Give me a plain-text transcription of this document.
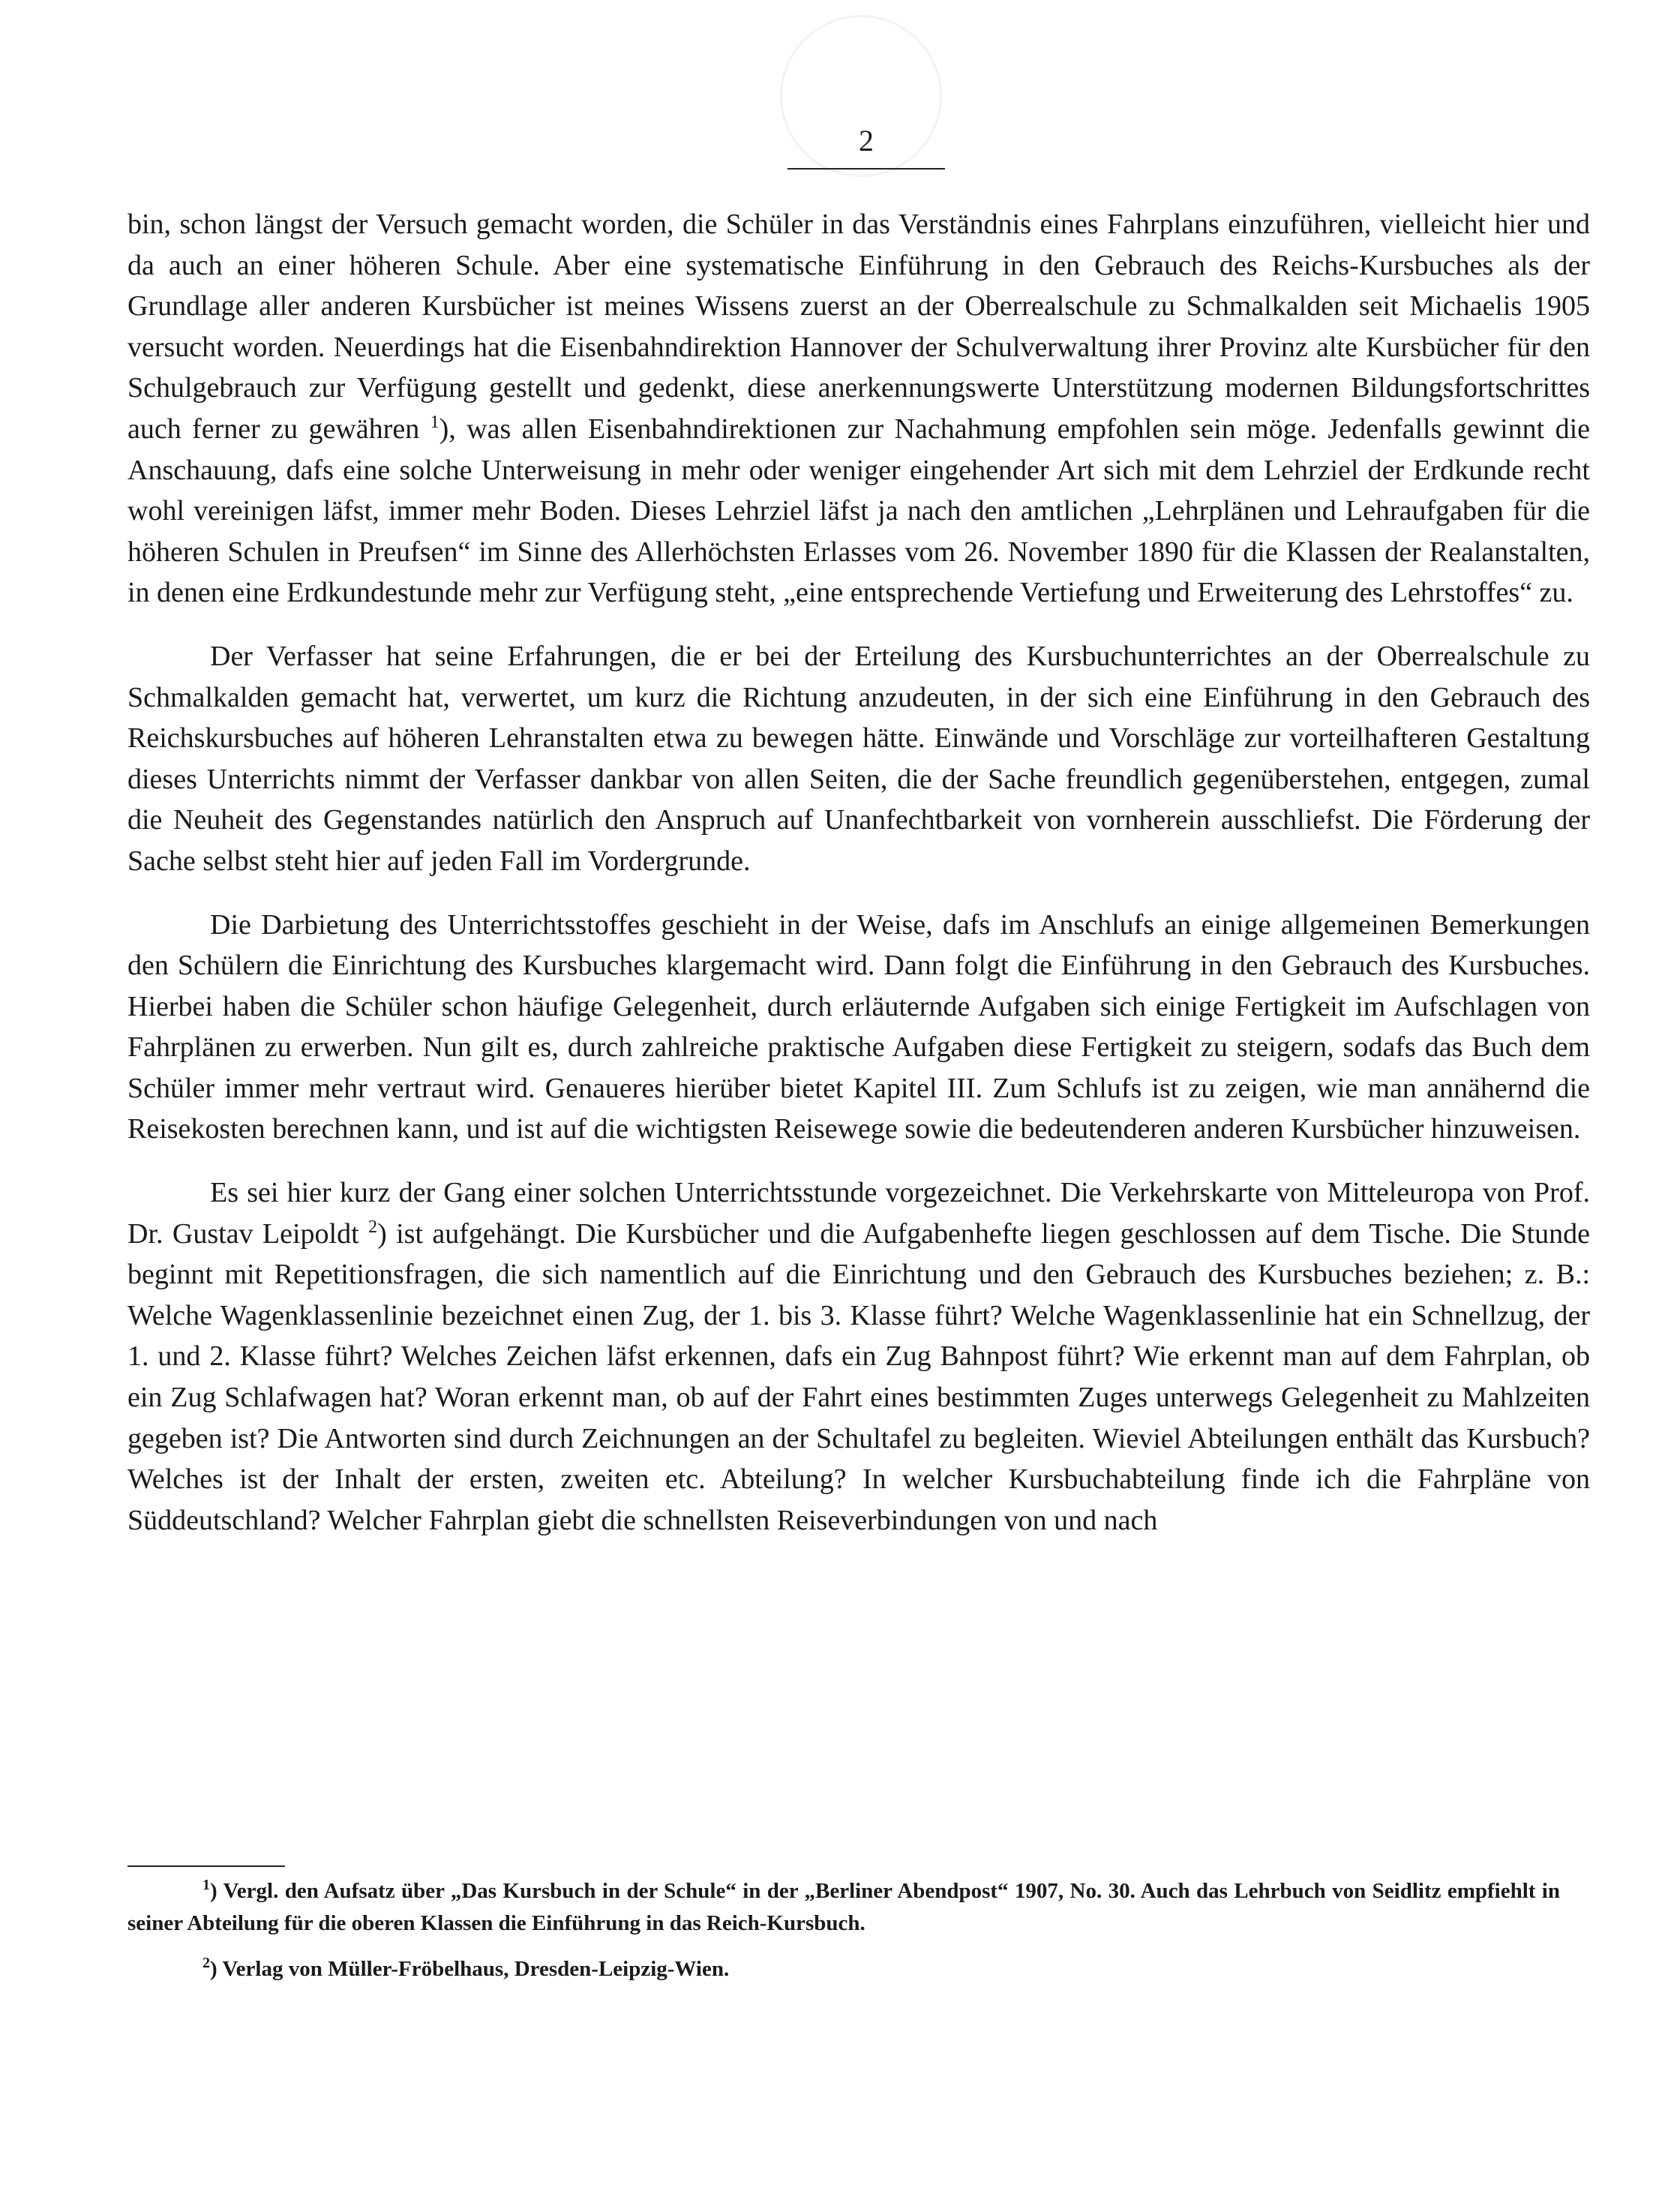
2

bin, schon längst der Versuch gemacht worden, die Schüler in das Verständnis eines Fahrplans einzuführen, vielleicht hier und da auch an einer höheren Schule. Aber eine systematische Einführung in den Gebrauch des Reichs-Kursbuches als der Grundlage aller anderen Kursbücher ist meines Wissens zuerst an der Oberrealschule zu Schmalkalden seit Michaelis 1905 versucht worden. Neuerdings hat die Eisenbahndirektion Hannover der Schulverwaltung ihrer Provinz alte Kursbücher für den Schulgebrauch zur Verfügung gestellt und gedenkt, diese anerkennungswerte Unterstützung modernen Bildungsfortschrittes auch ferner zu gewähren $^1$), was allen Eisenbahndirektionen zur Nachahmung empfohlen sein möge. Jedenfalls gewinnt die Anschauung, dafs eine solche Unterweisung in mehr oder weniger eingehender Art sich mit dem Lehrziel der Erdkunde recht wohl vereinigen läfst, immer mehr Boden. Dieses Lehrziel läfst ja nach den amtlichen „Lehrplänen und Lehraufgaben für die höheren Schulen in Preufsen“ im Sinne des Allerhöchsten Erlasses vom 26. November 1890 für die Klassen der Realanstalten, in denen eine Erdkundestunde mehr zur Verfügung steht, „eine entsprechende Vertiefung und Erweiterung des Lehrstoffes“ zu.

Der Verfasser hat seine Erfahrungen, die er bei der Erteilung des Kursbuchunterrichtes an der Oberrealschule zu Schmalkalden gemacht hat, verwertet, um kurz die Richtung anzudeuten, in der sich eine Einführung in den Gebrauch des Reichskursbuches auf höheren Lehranstalten etwa zu bewegen hätte. Einwände und Vorschläge zur vorteilhafteren Gestaltung dieses Unterrichts nimmt der Verfasser dankbar von allen Seiten, die der Sache freundlich gegenüberstehen, entgegen, zumal die Neuheit des Gegenstandes natürlich den Anspruch auf Unanfechtbarkeit von vornherein ausschliefst. Die Förderung der Sache selbst steht hier auf jeden Fall im Vordergrunde.

Die Darbietung des Unterrichtsstoffes geschieht in der Weise, dafs im Anschlufs an einige allgemeinen Bemerkungen den Schülern die Einrichtung des Kursbuches klargemacht wird. Dann folgt die Einführung in den Gebrauch des Kursbuches. Hierbei haben die Schüler schon häufige Gelegenheit, durch erläuternde Aufgaben sich einige Fertigkeit im Aufschlagen von Fahrplänen zu erwerben. Nun gilt es, durch zahlreiche praktische Aufgaben diese Fertigkeit zu steigern, sodafs das Buch dem Schüler immer mehr vertraut wird. Genaueres hierüber bietet Kapitel III. Zum Schlufs ist zu zeigen, wie man annähernd die Reisekosten berechnen kann, und ist auf die wichtigsten Reisewege sowie die bedeutenderen anderen Kursbücher hinzuweisen.

Es sei hier kurz der Gang einer solchen Unterrichtsstunde vorgezeichnet. Die Verkehrskarte von Mitteleuropa von Prof. Dr. Gustav Leipoldt $^2$) ist aufgehängt. Die Kursbücher und die Aufgabenhefte liegen geschlossen auf dem Tische. Die Stunde beginnt mit Repetitionsfragen, die sich namentlich auf die Einrichtung und den Gebrauch des Kursbuches beziehen; z. B.: Welche Wagenklassenlinie bezeichnet einen Zug, der 1. bis 3. Klasse führt? Welche Wagenklassenlinie hat ein Schnellzug, der 1. und 2. Klasse führt? Welches Zeichen läfst erkennen, dafs ein Zug Bahnpost führt? Wie erkennt man auf dem Fahrplan, ob ein Zug Schlafwagen hat? Woran erkennt man, ob auf der Fahrt eines bestimmten Zuges unterwegs Gelegenheit zu Mahlzeiten gegeben ist? Die Antworten sind durch Zeichnungen an der Schultafel zu begleiten. Wieviel Abteilungen enthält das Kursbuch? Welches ist der Inhalt der ersten, zweiten etc. Abteilung? In welcher Kursbuchabteilung finde ich die Fahrpläne von Süddeutschland? Welcher Fahrplan giebt die schnellsten Reiseverbindungen von und nach

$^1$) Vergl. den Aufsatz über „Das Kursbuch in der Schule“ in der „Berliner Abendpost“ 1907, No. 30. Auch das Lehrbuch von Seidlitz empfiehlt in seiner Abteilung für die oberen Klassen die Einführung in das Reich-Kursbuch.

$^2$) Verlag von Müller-Fröbelhaus, Dresden-Leipzig-Wien.
